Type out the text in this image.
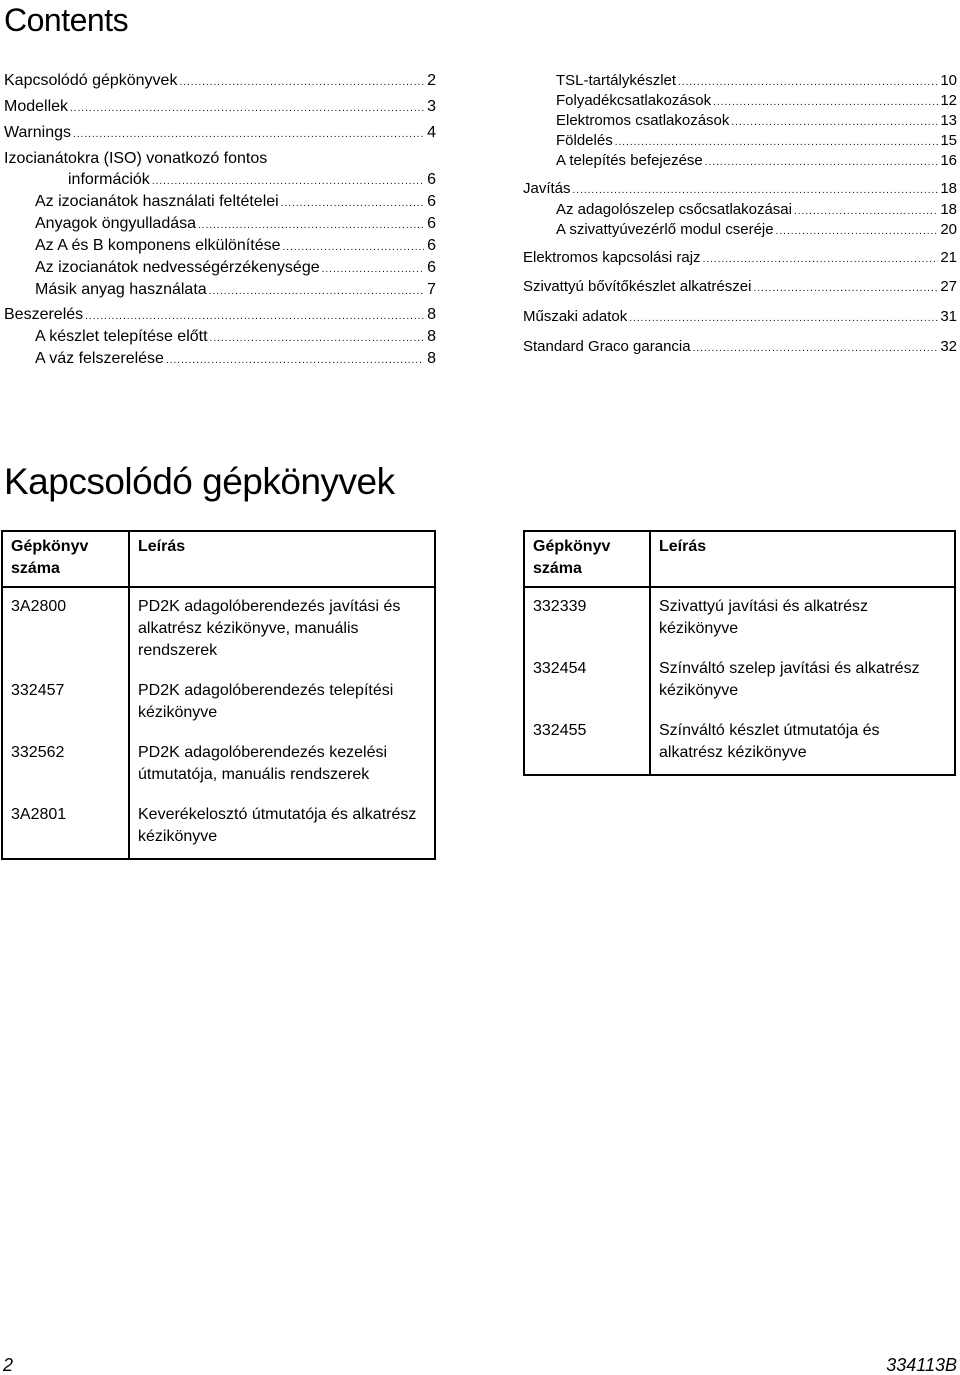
Contents
Kapcsolódó gépkönyvek .....	2
Modellek .....	3
Warnings .....	4
Izocianátokra (ISO) vonatkozó fontos
információk .....	6
Az izocianátok használati feltételei .....	6
Anyagok öngyulladása .....	6
Az A és B komponens elkülönítése .....	6
Az izocianátok nedvességérzékenysége .....	6
Másik anyag használata .....	7
Beszerelés .....	8
A készlet telepítése előtt .....	8
A váz felszerelése .....	8
TSL-tartálykészlet .....	10
Folyadékcsatlakozások .....	12
Elektromos csatlakozások .....	13
Földelés .....	15
A telepítés befejezése .....	16
Javítás .....	18
Az adagolószelep csőcsatlakozásai .....	18
A szivattyúvezérlő modul cseréje .....	20
Elektromos kapcsolási rajz .....	21
Szivattyú bővítőkészlet alkatrészei .....	27
Műszaki adatok .....	31
Standard Graco garancia .....	32
Kapcsolódó gépkönyvek
Gépkönyv száma	Leírás
3A2800	PD2K adagolóberendezés javítási és alkatrész kézikönyve, manuális rendszerek
332457	PD2K adagolóberendezés telepítési kézikönyve
332562	PD2K adagolóberendezés kezelési útmutatója, manuális rendszerek
3A2801	Keverékelosztó útmutatója és alkatrész kézikönyve
Gépkönyv száma	Leírás
332339	Szivattyú javítási és alkatrész kézikönyve
332454	Színváltó szelep javítási és alkatrész kézikönyve
332455	Színváltó készlet útmutatója és alkatrész kézikönyve
2	334113B
